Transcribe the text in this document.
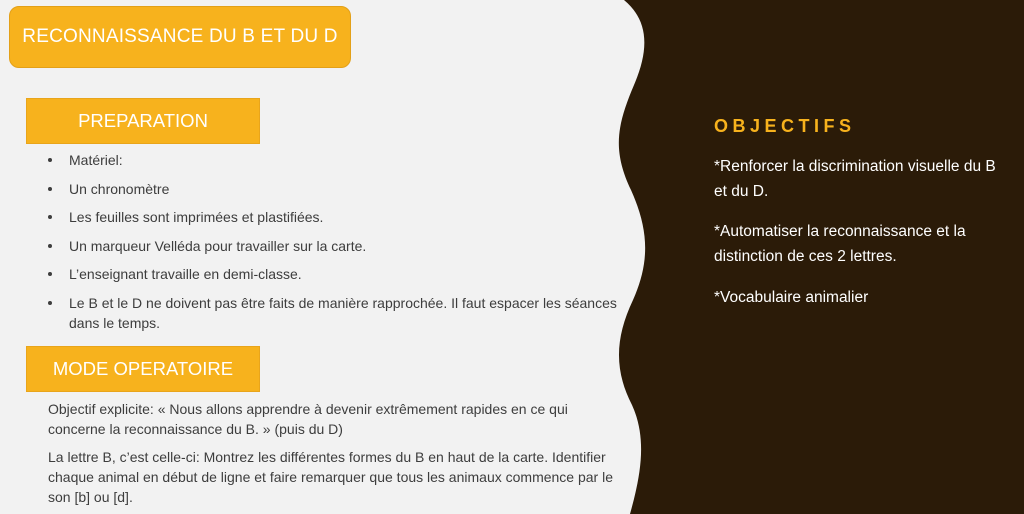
RECONNAISSANCE DU B ET DU D
PREPARATION
Matériel:
Un chronomètre
Les feuilles sont imprimées et plastifiées.
Un marqueur Velléda pour travailler sur la carte.
L’enseignant travaille en demi-classe.
Le B et le D ne doivent pas être faits de manière rapprochée. Il faut espacer les séances dans le temps.
MODE OPERATOIRE

Objectif explicite: « Nous allons apprendre à devenir extrêmement rapides en ce qui concerne la reconnaissance du B. » (puis du D)

La lettre B, c’est celle-ci: Montrez les différentes formes du B en haut de la carte. Identifier chaque animal en début de ligne et faire remarquer que tous les animaux commence par le son [b] ou [d].

OBJECTIFS

*Renforcer la discrimination visuelle du B et du D.

*Automatiser la reconnaissance et la distinction de ces 2 lettres.

*Vocabulaire animalier
